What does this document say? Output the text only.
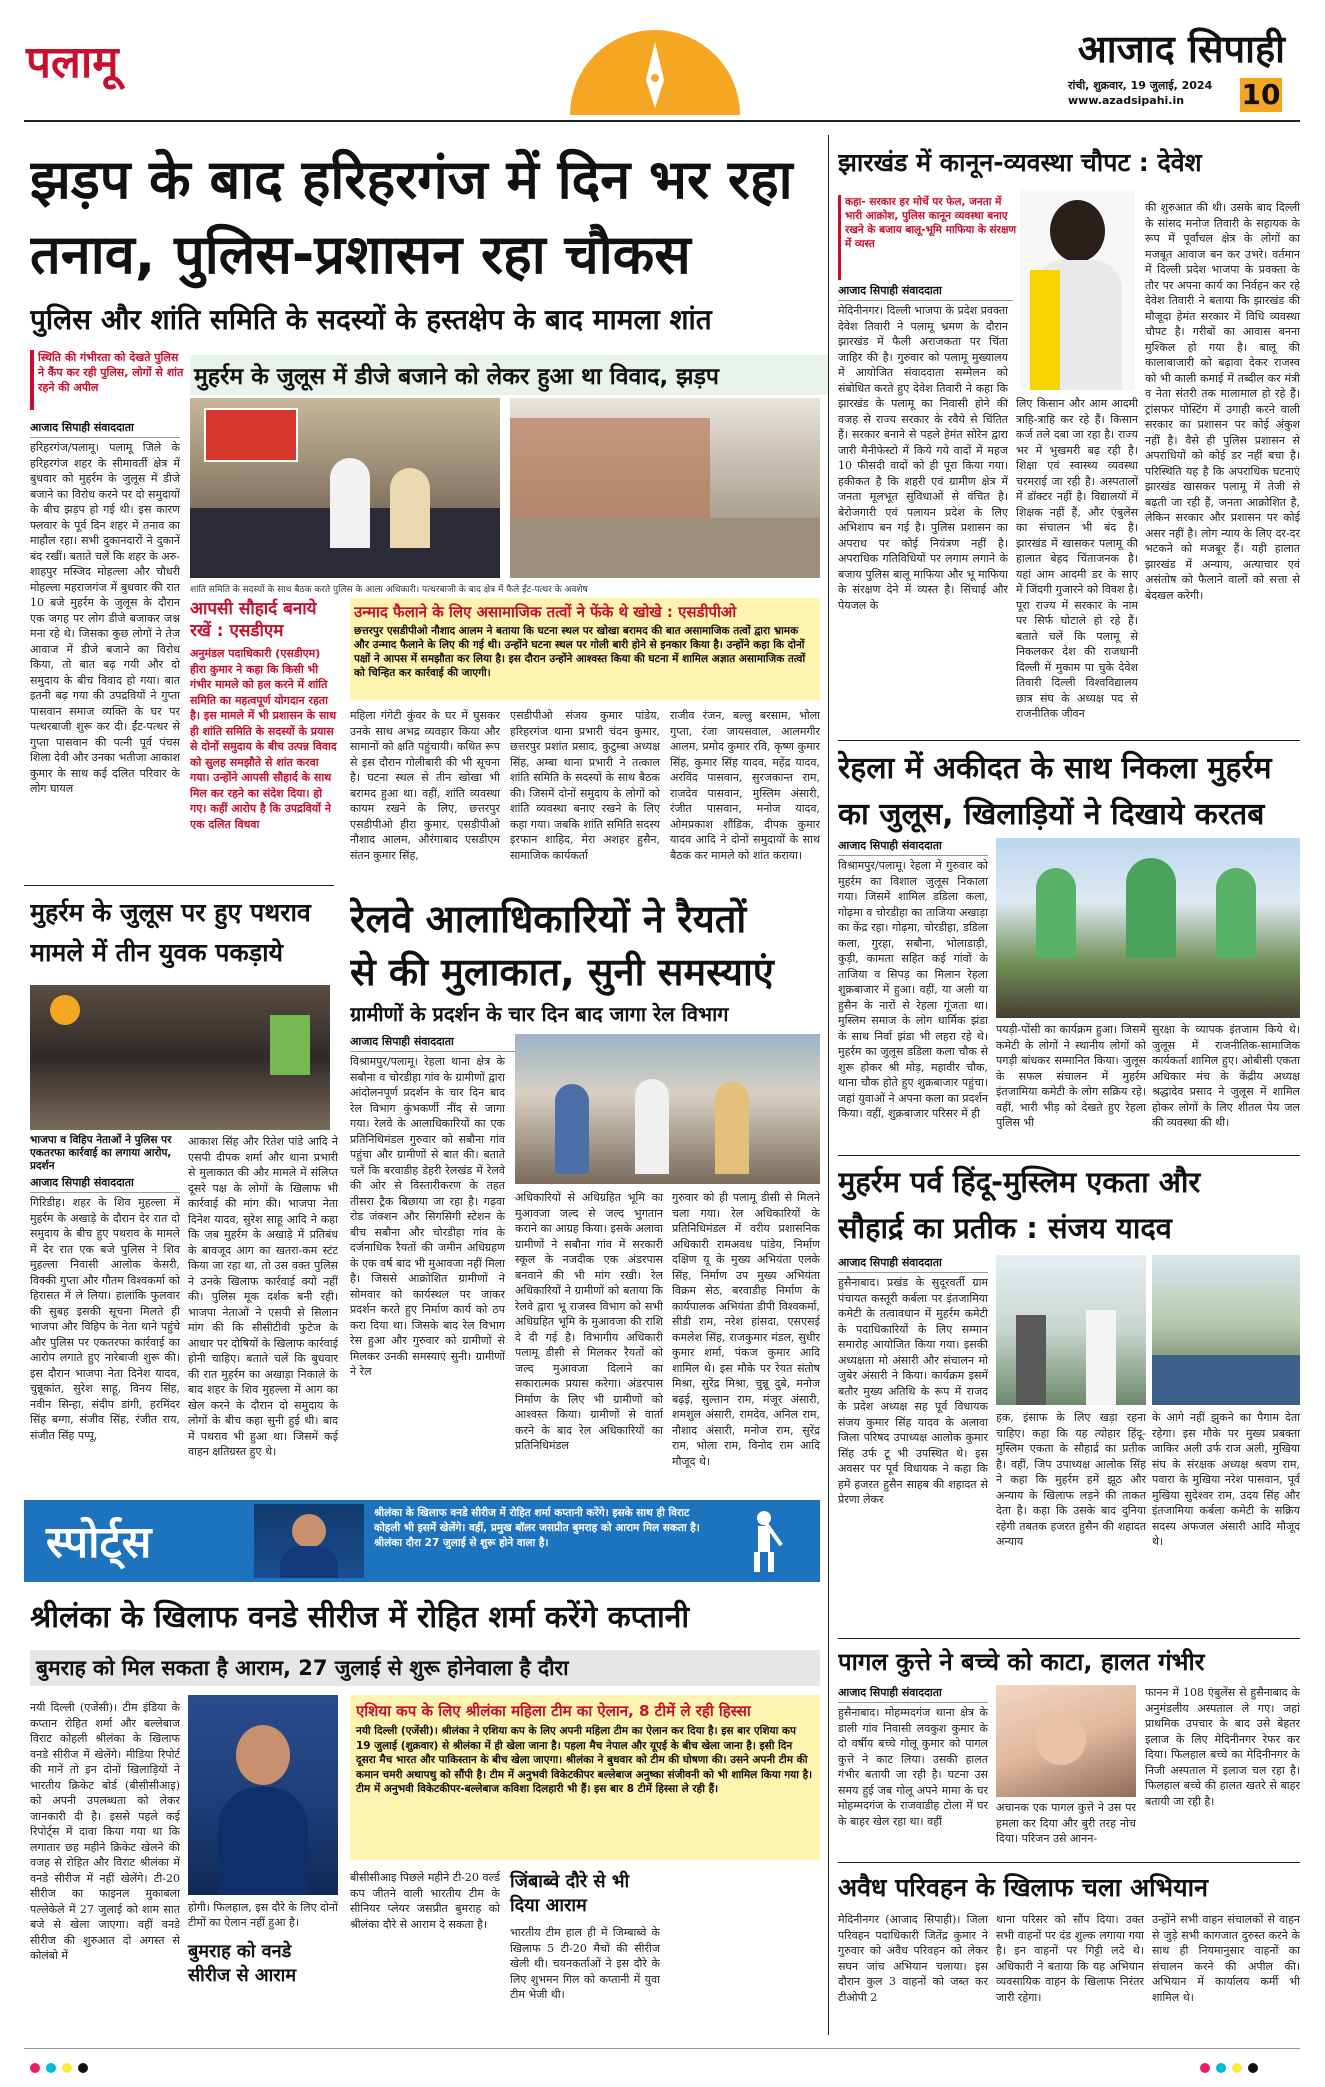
पलामू	आजाद सिपाही
रांची, शुक्रवार, 19 जुलाई, 2024
www.azadsipahi.in 10
झड़प के बाद हरिहरगंज में दिन भर रहा
तनाव, पुलिस-प्रशासन रहा चौकस
पुलिस और शांति समिति के सदस्यों के हस्तक्षेप के बाद मामला शांत
स्थिति की गंभीरता को देखते पुलिस ने कैंप कर रही पुलिस, लोगों से शांत रहने की अपील	मुहर्रम के जुलूस में डीजे बजाने को लेकर हुआ था विवाद, झड़प

आजाद सिपाही संवाददाता

हरिहरगंज/पलामू। पलामू जिले के हरिहरगंज शहर के सीमावर्ती क्षेत्र में बुधवार को मुहर्रम के जुलूस में डीजे बजाने का विरोध करने पर दो समुदायों के बीच झड़प हो गई थी। इस कारण फ्लवार के पूर्व दिन शहर में तनाव का माहौल रहा। सभी दुकानदारों ने दुकानें बंद रखीं। बताते चलें कि शहर के अरु-शाहपुर मस्जिद मोहल्ला और चौधरी मोहल्ला महराजगंज में बुधवार की रात 10 बजे मुहर्रम के जुलूस के दौरान एक जगह पर लोग डीजे बजाकर जश्न मना रहे थे। जिसका कुछ लोगों ने तेज आवाज में डीजे बजाने का विरोध किया, तो बात बढ़ गयी और दो समुदाय के बीच विवाद हो गया। बात इतनी बढ़ गया की उपद्रवियों ने गुप्ता पासवान समाज व्यक्ति के घर पर पत्थरबाजी शुरू कर दी। ईंट-पत्थर से गुप्ता पासवान की पत्नी पूर्व पंचस शिला देवी और उनका भतीजा आकाश कुमार के साथ कई दलित परिवार के लोग घायल

शांति समिति के सदस्यों के साथ बैठक करते पुलिस के आला अधिकारी। पत्थरबाजी के बाद क्षेत्र में फैले ईंट-पत्थर के अवशेष
आपसी सौहार्द बनाये रखें : एसडीएम
अनुमंडल पदाधिकारी (एसडीएम) हीरा कुमार ने कहा कि किसी भी गंभीर मामले को हल करने में शांति समिति का महत्वपूर्ण योगदान रहता है। इस मामले में भी प्रशासन के साथ ही शांति समिति के सदस्यों के प्रयास से दोनों समुदाय के बीच उत्पन्न विवाद को सुलह समझौते से शांत करवा गया। उन्होंने आपसी सौहार्द के साथ मिल कर रहने का संदेश दिया। हो गए। कहीं आरोप है कि उपद्रवियों ने एक दलित विधवा
उन्माद फैलाने के लिए असामाजिक तत्वों ने फेंके थे खोखे : एसडीपीओ
छत्तरपुर एसडीपीओ नौशाद आलम ने बताया कि घटना स्थल पर खोखा बरामद की बात असामाजिक तत्वों द्वारा भ्रामक और उन्माद फैलाने के लिए की गई थी। उन्होंने घटना स्थल पर गोली बारी होने से इनकार किया है। उन्होंने कहा कि दोनों पक्षों ने आपस में समझौता कर लिया है। इस दौरान उन्होंने आश्वस्त किया की घटना में शामिल अज्ञात असामाजिक तत्वों को चिन्हित कर कार्रवाई की जाएगी।

महिला गंगेटी कुंवर के घर में घुसकर उनके साथ अभद्र व्यवहार किया और सामानों को क्षति पहुंचायी। कथित रूप से इस दौरान गोलीबारी की भी सूचना है। घटना स्थल से तीन खोखा भी बरामद हुआ था। वहीं, शांति व्यवस्था कायम रखने के लिए, छत्तरपुर एसडीपीओ हीरा कुमार, एसडीपीओ नौशाद आलम, औरंगाबाद एसडीएम संतन कुमार सिंह,

एसडीपीओ संजय कुमार पांडेय, हरिहरगंज थाना प्रभारी चंदन कुमार, छत्तरपुर प्रशांत प्रसाद, कुटुम्बा अध्यक्ष सिंह, अम्बा थाना प्रभारी ने तत्काल शांति समिति के सदस्यों के साथ बैठक की। जिसमें दोनों समुदाय के लोगों को शांति व्यवस्था बनाए रखने के लिए कहा गया। जबकि शांति समिति सदस्य इरफान शाहिद, मेरा अशहर हुसैन, सामाजिक कार्यकर्ता

राजीव रंजन, बल्लु बरसाम, भोला गुप्ता, रंजा जायसवाल, आलमगीर आलम, प्रमोद कुमार रवि, कृष्ण कुमार सिंह, कुमार सिंह यादव, महेंद्र यादव, अरविंद पासवान, सुरजकान्त राम, राजदेव पासवान, मुस्लिम अंसारी, रंजीत पासवान, मनोज यादव, ओमप्रकाश शौंडिक, दीपक कुमार यादव आदि ने दोनों समुदायों के साथ बैठक कर मामले को शांत कराया।

मुहर्रम के जुलूस पर हुए पथराव
मामले में तीन युवक पकड़ाये
भाजपा व विहिप नेताओं ने पुलिस पर एकतरफा कार्रवाई का लगाया आरोप, प्रदर्शन

आजाद सिपाही संवाददाता

गिरिडीह। शहर के शिव मुहल्ला में मुहर्रम के अखाड़े के दौरान देर रात दो समुदाय के बीच हुए पथराव के मामले में देर रात एक बजे पुलिस ने शिव मुहल्ला निवासी आलोक केसरी, विक्की गुप्ता और गौतम विश्वकर्मा को हिरासत में ले लिया। हालांकि फुलवार की सुबह इसकी सूचना मिलते ही भाजपा और विहिप के नेता थाने पहुंचे और पुलिस पर एकतरफा कार्रवाई का आरोप लगाते हुए नारेबाजी शुरू की। इस दौरान भाजपा नेता दिनेश यादव, चुन्नूकांत, सुरेश साहू, विनय सिंह, नवीन सिन्हा, संदीप डांगी, हरमिंदर सिंह बग्गा, संजीव सिंह, रंजीत राय, संजीत सिंह पप्पू,

आकाश सिंह और रितेश पांडे आदि ने एसपी दीपक शर्मा और थाना प्रभारी से मुलाकात की और मामले में संलिप्त दूसरे पक्ष के लोगों के खिलाफ भी कार्रवाई की मांग की। भाजपा नेता दिनेश यादव, सुरेश साहू आदि ने कहा कि जब मुहर्रम के अखाड़े में प्रतिबंध के बावजूद आग का खतरा-कम स्टंट किया जा रहा था, तो उस वक्त पुलिस ने उनके खिलाफ कार्रवाई क्यों नहीं की। पुलिस मूक दर्शक बनी रही। भाजपा नेताओं ने एसपी से सिलान मांग की कि सीसीटीवी फुटेज के आधार पर दोषियों के खिलाफ कार्रवाई होनी चाहिए। बताते चलें कि बुधवार की रात मुहर्रम का अखाड़ा निकाले के बाद शहर के शिव मुहल्ला में आग का खेल करने के दौरान दो समुदाय के लोगों के बीच कहा सुनी हुई थी। बाद में पथराव भी हुआ था। जिसमें कई वाहन क्षतिग्रस्त हुए थे।

रेलवे आलाधिकारियों ने रैयतों
से की मुलाकात, सुनी समस्याएं
ग्रामीणों के प्रदर्शन के चार दिन बाद जागा रेल विभाग

आजाद सिपाही संवाददाता

विश्रामपुर/पलामू। रेहला थाना क्षेत्र के सबौना व चोरडीहा गांव के ग्रामीणों द्वारा आंदोलनपूर्ण प्रदर्शन के चार दिन बाद रेल विभाग कुंभकर्णी नींद से जागा गया। रेलवे के आलाधिकारियों का एक प्रतिनिधिमंडल गुरुवार को सबौना गांव पहुंचा और ग्रामीणों से बात की। बताते चलें कि बरवाडीह डेहरी रेलखंड में रेलवे की ओर से विस्तारीकरण के तहत तीसरा ट्रैक बिछाया जा रहा है। गढ़वा रोड जंक्शन और सिगसिगी स्टेशन के बीच सबौना और चोरडीहा गांव के दर्जनाधिक रैयतों की जमीन अधिग्रहण के एक वर्ष बाद भी मुआवजा नहीं मिला है। जिससे आक्रोशित ग्रामीणों ने सोमवार को कार्यस्थल पर जाकर प्रदर्शन करते हुए निर्माण कार्य को ठप करा दिया था। जिसके बाद रेल विभाग रेस हुआ और गुरुवार को ग्रामीणों से मिलकर उनकी समस्याएं सुनी। ग्रामीणों ने रेल

अधिकारियों से अधिग्रहित भूमि का मुआवजा जल्द से जल्द भुगतान कराने का आग्रह किया। इसके अलावा ग्रामीणों ने सबौना गांव में सरकारी स्कूल के नजदीक एक अंडरपास बनवाने की भी मांग रखी। रेल अधिकारियों ने ग्रामीणों को बताया कि रेलवे द्वारा भू राजस्व विभाग को सभी अधिग्रहित भूमि के मुआवजा की राशि दे दी गई है। विभागीय अधिकारी पलामू डीसी से मिलकर रैयतों को जल्द मुआवजा दिलाने का सकारात्मक प्रयास करेगा। अंडरपास निर्माण के लिए भी ग्रामीणों को आश्वस्त किया। ग्रामीणों से वार्ता करने के बाद रेल अधिकारियों का प्रतिनिधिमंडल

गुरुवार को ही पलामू डीसी से मिलने चला गया। रेल अधिकारियों के प्रतिनिधिमंडल में वरीय प्रशासनिक अधिकारी रामअवध पांडेय, निर्माण दक्षिण यू के मुख्य अभियंता एलके सिंह, निर्माण उप मुख्य अभियंता विक्रम सेठ, बरवाडीह निर्माण के कार्यपालक अभियंता डीपी विश्वकर्मा, सीडी राम, नरेश हांसदा, एसएसई कमलेश सिंह, राजकुमार मंडल, सुधीर कुमार शर्मा, पंकज कुमार आदि शामिल थे। इस मौके पर रेयत संतोष मिश्रा, सुरेंद्र मिश्रा, चुन्नू दुबे, मनोज बढ़ई, सुल्तान राम, मंजूर अंसारी, शमशुल अंसारी, रामदेव, अनिल राम, नौशाद अंसारी, मनोज राम, सुरेंद्र राम, भोला राम, विनोद राम आदि मौजूद थे।

झारखंड में कानून-व्यवस्था चौपट : देवेश
कहा- सरकार हर मोर्चे पर फेल, जनता में भारी आक्रोश, पुलिस कानून व्यवस्था बनाए रखने के बजाय बालू-भूमि माफिया के संरक्षण में व्यस्त

आजाद सिपाही संवाददाता

मेदिनीनगर। दिल्ली भाजपा के प्रदेश प्रवक्ता देवेश तिवारी ने पलामू भ्रमण के दौरान झारखंड में फैली अराजकता पर चिंता जाहिर की है। गुरुवार को पलामू मुख्यालय में आयोजित संवाददाता सम्मेलन को संबोधित करते हुए देवेश तिवारी ने कहा कि झारखंड के पलामू का निवासी होने की वजह से राज्य सरकार के रवैये से चिंतित हैं। सरकार बनाने से पहले हेमंत सोरेन द्वारा जारी मैनीफेस्टो में किये गये वादों में महज 10 फीसदी वादों को ही पूरा किया गया। हकीकत है कि शहरी एवं ग्रामीण क्षेत्र में जनता मूलभूत सुविधाओं से वंचित है। बेरोजगारी एवं पलायन प्रदेश के लिए अभिशाप बन गई है। पुलिस प्रशासन का अपराध पर कोई नियंत्रण नहीं है। अपराधिक गतिविधियों पर लगाम लगाने के बजाय पुलिस बालू माफिया और भू माफिया के संरक्षण देने में व्यस्त है। सिंचाई और पेयजल के

लिए किसान और आम आदमी त्राहि-त्राहि कर रहे हैं। किसान कर्ज तले दबा जा रहा है। राज्य भर में भुखमरी बढ़ रही है। शिक्षा एवं स्वास्थ्य व्यवस्था चरमराई जा रही है। अस्पतालों में डॉक्टर नहीं है। विद्यालयों में शिक्षक नहीं हैं, और एंबुलेंस का संचालन भी बंद है। झारखंड में खासकर पलामू की हालात बेहद चिंताजनक है। यहां आम आदमी डर के साए में जिंदगी गुजारने को विवश है। पूरा राज्य में सरकार के नाम पर सिर्फ घोटाले हो रहे हैं। बताते चलें कि पलामू से निकलकर देश की राजधानी दिल्ली में मुकाम पा चुके देवेश तिवारी दिल्ली विश्वविद्यालय छात्र संघ के अध्यक्ष पद से राजनीतिक जीवन

की शुरुआत की थी। उसके बाद दिल्ली के सांसद मनोज तिवारी के सहायक के रूप में पूर्वांचल क्षेत्र के लोगों का मजबूत आवाज बन कर उभरे। वर्तमान में दिल्ली प्रदेश भाजपा के प्रवक्ता के तौर पर अपना कार्य का निर्वहन कर रहे देवेश तिवारी ने बताया कि झारखंड की मौजूदा हेमंत सरकार में विधि व्यवस्था चौपट है। गरीबों का आवास बनना मुश्किल हो गया है। बालू की कालाबाजारी को बढ़ावा देकर राजस्व को भी काली कमाई में तब्दील कर मंत्री व नेता संतरी तक मालामाल हो रहे हैं। ट्रांसफर पोस्टिंग में उगाही करने वाली सरकार का प्रशासन पर कोई अंकुश नहीं है। वैसे ही पुलिस प्रशासन से अपराधियों को कोई डर नहीं बचा है। परिस्थिति यह है कि अपराधिक घटनाएं झारखंड खासकर पलामू में तेजी से बढ़ती जा रही हैं, जनता आक्रोशित है, लेकिन सरकार और प्रशासन पर कोई असर नहीं है। लोग न्याय के लिए दर-दर भटकने को मजबूर हैं। यही हालात झारखंड में अन्याय, अत्याचार एवं असंतोष को फैलाने वालों को सत्ता से बेदखल करेगी।

रेहला में अकीदत के साथ निकला मुहर्रम
का जुलूस, खिलाड़ियों ने दिखाये करतब

आजाद सिपाही संवाददाता

विश्रामपुर/पलामू। रेहला में गुरुवार को मुहर्रम का विशाल जुलूस निकाला गया। जिसमें शामिल डडिला कला, गोढ़मा व चोरडीहा का ताजिया अखाड़ा का केंद्र रहा। गोढ़मा, चोरडीहा, डडिला कला, गुरहा, सबौना, भोलाडाड़ी, कुड़ी, कामता सहित कई गांवों के ताजिया व सिपड़ का मिलान रेहला शुक्रबाजार में हुआ। वहीं, या अली या हुसैन के नारों से रेहला गूंजता था। मुस्लिम समाज के लोग धार्मिक झंडा के साथ निर्वा झंडा भी लहरा रहे थे। मुहर्रम का जुलूस डडिला कला चौक से शुरू होकर श्री मोड़, महावीर चौक, थाना चौक होते हुए शुक्रबाजार पहुंचा। जहां युवाओं ने अपना कला का प्रदर्शन किया। वहीं, शुक्रबाजार परिसर में ही

पयड़ी-पोंसी का कार्यक्रम हुआ। जिसमें कमेटी के लोगों ने स्थानीय लोगों को पगड़ी बांधकर सम्मानित किया। जुलूस के सफल संचालन में मुहर्रम इंतजामिया कमेटी के लोग सक्रिय रहे। वहीं, भारी भीड़ को देखते हुए रेहला पुलिस भी

सुरक्षा के व्यापक इंतजाम किये थे। जुलूस में राजनीतिक-सामाजिक कार्यकर्ता शामिल हुए। ओबीसी एकता अधिकार मंच के केंद्रीय अध्यक्ष श्रद्धादेव प्रसाद ने जुलूस में शामिल होकर लोगों के लिए शीतल पेय जल की व्यवस्था की थी।

मुहर्रम पर्व हिंदू-मुस्लिम एकता और
सौहार्द्र का प्रतीक : संजय यादव

आजाद सिपाही संवाददाता

हुसैनाबाद। प्रखंड के सुदूरवर्ती ग्राम पंचायत कस्तूरी कर्बला पर इंतजामिया कमेटी के तत्वावधान में मुहर्रम कमेटी के पदाधिकारियों के लिए सम्मान समारोह आयोजित किया गया। इसकी अध्यक्षता मो अंसारी और संचालन मो जुबेर अंसारी ने किया। कार्यक्रम इसमें बतौर मुख्य अतिथि के रूप में राजद के प्रदेश अध्यक्ष सह पूर्व विधायक संजय कुमार सिंह यादव के अलावा जिला परिषद उपाध्यक्ष आलोक कुमार सिंह उर्फ टू भी उपस्थित थे। इस अवसर पर पूर्व विधायक ने कहा कि हमें हजरत हुसैन साहब की शहादत से प्रेरणा लेकर

हक, इंसाफ के लिए खड़ा रहना चाहिए। कहा कि यह त्योहार हिंदू-मुस्लिम एकता के सौहार्द्र का प्रतीक है। वहीं, जिप उपाध्यक्ष आलोक सिंह ने कहा कि मुहर्रम हमें झूठ और अन्याय के खिलाफ लड़ने की ताकत देता है। कहा कि उसके बाद दुनिया रहेगी तबतक हजरत हुसैन की शहादत अन्याय

के आगे नहीं झुकने का पैगाम देता रहेगा। इस मौके पर मुख्य प्रबक्ता जाकिर अली उर्फ राज अली, मुखिया संघ के संरक्षक अध्यक्ष श्रवण राम, पवारा के मुखिया नरेश पासवान, पूर्व मुखिया सुदेश्वर राम, उदय सिंह और इंतजामिया कर्बला कमेटी के सक्रिय सदस्य अफजल अंसारी आदि मौजूद थे।

पागल कुत्ते ने बच्चे को काटा, हालत गंभीर

आजाद सिपाही संवाददाता

हुसैनाबाद। मोहम्मदगंज थाना क्षेत्र के डाली गांव निवासी लवकुश कुमार के दो वर्षीय बच्चे गोलू कुमार को पागल कुत्ते ने काट लिया। उसकी हालत गंभीर बतायी जा रही है। घटना उस समय हुई जब गोलू अपने मामा के घर मोहम्मदगंज के राजवाडीह टोला में घर के बाहर खेल रहा था। वहीं

अचानक एक पागल कुत्ते ने उस पर हमला कर दिया और बुरी तरह नोच दिया। परिजन उसे आनन-

फानन में 108 एंबुलेंस से हुसैनाबाद के अनुमंडलीय अस्पताल ले गए। जहां प्राथमिक उपचार के बाद उसे बेहतर इलाज के लिए मेदिनीनगर रेफर कर दिया। फिलहाल बच्चे का मेदिनीनगर के निजी अस्पताल में इलाज चल रहा है। फिलहाल बच्चे की हालत खतरे से बाहर बतायी जा रही है।

अवैध परिवहन के खिलाफ चला अभियान

मेदिनीनगर (आजाद सिपाही)। जिला परिवहन पदाधिकारी जितेंद्र कुमार ने गुरुवार को अवैध परिवहन को लेकर सघन जांच अभियान चलाया। इस दौरान कुल 3 वाहनों को जब्त कर टीओपी 2

थाना परिसर को सौंप दिया। उक्त सभी वाहनों पर दंड शुल्क लगाया गया है। इन वाहनों पर गिट्टी लदे थे। अधिकारी ने बताया कि यह अभियान व्यवसायिक वाहन के खिलाफ निरंतर जारी रहेगा।

उन्होंने सभी वाहन संचालकों से वाहन से जुड़े सभी कागजात दुरुस्त करने के साथ ही नियमानुसार वाहनों का संचालन करने की अपील की। अभियान में कार्यालय कर्मी भी शामिल थे।

स्पोर्ट्स
श्रीलंका के खिलाफ वनडे सीरीज में रोहित शर्मा कप्तानी करेंगे। इसके साथ ही विराट कोहली भी इसमें खेलेंगे। वहीं, प्रमुख बॉलर जसप्रीत बुमराह को आराम मिल सकता है। श्रीलंका दौरा 27 जुलाई से शुरू होने वाला है।
श्रीलंका के खिलाफ वनडे सीरीज में रोहित शर्मा करेंगे कप्तानी
बुमराह को मिल सकता है आराम, 27 जुलाई से शुरू होनेवाला है दौरा

नयी दिल्ली (एजेंसी)। टीम इंडिया के कप्तान रोहित शर्मा और बल्लेबाज विराट कोहली श्रीलंका के खिलाफ वनडे सीरीज में खेलेंगे। मीडिया रिपोर्ट की मानें तो इन दोनों खिलाड़ियों ने भारतीय क्रिकेट बोर्ड (बीसीसीआइ) को अपनी उपलब्धता को लेकर जानकारी दी है। इससे पहले कई रिपोर्ट्स में दावा किया गया था कि लगातार छह महीने क्रिकेट खेलने की वजह से रोहित और विराट श्रीलंका में वनडे सीरीज में नहीं खेलेंगे। टी-20 सीरीज का फाइनल मुकाबला पल्लेकेले में 27 जुलाई को शाम सात बजे से खेला जाएगा। वहीं वनडे सीरीज की शुरुआत दो अगस्त से कोलंबो में

होगी। फिलहाल, इस दौरे के लिए दोनों टीमों का ऐलान नहीं हुआ है।
बुमराह को वनडे सीरीज से आराम
एशिया कप के लिए श्रीलंका महिला टीम का ऐलान, 8 टीमें ले रही हिस्सा
नयी दिल्ली (एजेंसी)। श्रीलंका ने एशिया कप के लिए अपनी महिला टीम का ऐलान कर दिया है। इस बार एशिया कप 19 जुलाई (शुक्रवार) से श्रीलंका में ही खेला जाना है। पहला मैच नेपाल और यूएई के बीच खेला जाना है। इसी दिन दूसरा मैच भारत और पाकिस्तान के बीच खेला जाएगा। श्रीलंका ने बुधवार को टीम की घोषणा की। उसने अपनी टीम की कमान चमरी अथापथु को सौंपी है। टीम में अनुभवी विकेटकीपर बल्लेबाज अनुष्का संजीवनी को भी शामिल किया गया है। टीम में अनुभवी विकेटकीपर-बल्लेबाज कविशा दिलहारी भी हैं। इस बार 8 टीमें हिस्सा ले रही हैं।

बीसीसीआइ पिछले महीने टी-20 वर्ल्ड कप जीतने वाली भारतीय टीम के सीनियर प्लेयर जसप्रीत बुमराह को श्रीलंका दौरे से आराम दे सकता है।

जिंबाब्वे दौरे से भी दिया आराम

भारतीय टीम हाल ही में जिम्बाब्वे के खिलाफ 5 टी-20 मैचों की सीरीज खेली थी। चयनकर्ताओं ने इस दौरे के लिए शुभमन गिल को कप्तानी में युवा टीम भेजी थी।
